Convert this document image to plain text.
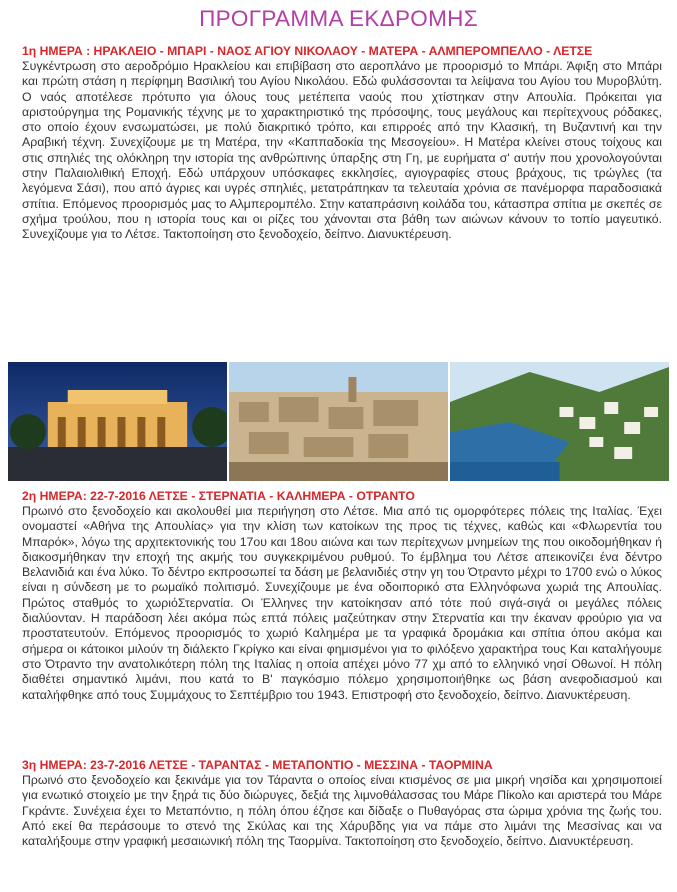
ΠΡΟΓΡΑΜΜΑ ΕΚΔΡΟΜΗΣ
1η ΗΜΕΡΑ : ΗΡΑΚΛΕΙΟ - ΜΠΑΡΙ - ΝΑΟΣ ΑΓΙΟΥ ΝΙΚΟΛΑΟΥ - ΜΑΤΕΡΑ - ΑΛΜΠΕΡΟΜΠΕΛΛΟ - ΛΕΤΣΕ

Συγκέντρωση στο αεροδρόμιο Ηρακλείου και επιβίβαση στο αεροπλάνο με προορισμό το Μπάρι. Άφιξη στο Μπάρι και πρώτη στάση η περίφημη Βασιλική του Αγίου Νικολάου. Εδώ φυλάσσονται τα λείψανα του Αγίου του Μυροβλύτη. Ο ναός αποτέλεσε πρότυπο για όλους τους μετέπειτα ναούς που χτίστηκαν στην Απουλία. Πρόκειται για αριστούργημα της Ρομανικής τέχνης με το χαρακτηριστικό της πρόσοψης, τους μεγάλους και περίτεχνους ρόδακες, στο οποίο έχουν ενσωματώσει, με πολύ διακριτικό τρόπο, και επιρροές από την Κλασική, τη Βυζαντινή και την Αραβική τέχνη. Συνεχίζουμε με τη Ματέρα, την «Καππαδοκία της Μεσογείου». Η Ματέρα κλείνει στους τοίχους και στις σπηλιές της ολόκληρη την ιστορία της ανθρώπινης ύπαρξης στη Γη, με ευρήματα σ' αυτήν που χρονολογούνται στην Παλαιολιθική Εποχή. Εδώ υπάρχουν υπόσκαφες εκκλησίες, αγιογραφίες στους βράχους, τις τρώγλες (τα λεγόμενα Σάσι), που από άγριες και υγρές σπηλιές, μετατράπηκαν τα τελευταία χρόνια σε πανέμορφα παραδοσιακά σπίτια. Επόμενος προορισμός μας το Αλμπερομπέλο. Στην καταπράσινη κοιλάδα του, κάτασπρα σπίτια με σκεπές σε σχήμα τρούλου, που η ιστορία τους και οι ρίζες του χάνονται στα βάθη των αιώνων κάνουν το τοπίο μαγευτικό. Συνεχίζουμε για το Λέτσε. Τακτοποίηση στο ξενοδοχείο, δείπνο. Διανυκτέρευση.

2η ΗΜΕΡΑ: 22-7-2016 ΛΕΤΣΕ - ΣΤΕΡΝΑΤΙΑ - ΚΑΛΗΜΕΡΑ - ΟΤΡΑΝΤΟ

Πρωινό στο ξενοδοχείο και ακολουθεί μια περιήγηση στο Λέτσε. Μια από τις ομορφότερες πόλεις της Ιταλίας. Έχει ονομαστεί «Αθήνα της Απουλίας» για την κλίση των κατοίκων της προς τις τέχνες, καθώς και «Φλωρεντία του Μπαρόκ», λόγω της αρχιτεκτονικής του 17ου και 18ου αιώνα και των περίτεχνων μνημείων της που οικοδομήθηκαν ή διακοσμήθηκαν την εποχή της ακμής του συγκεκριμένου ρυθμού. Το έμβλημα του Λέτσε απεικονίζει ένα δέντρο Βελανιδιά και ένα λύκο. Το δέντρο εκπροσωπεί τα δάση με βελανιδιές στην γη του Ότραντο μέχρι το 1700 ενώ ο λύκος είναι η σύνδεση με το ρωμαϊκό πολιτισμό. Συνεχίζουμε με ένα οδοιπορικό στα Ελληνόφωνα χωριά της Απουλίας. Πρώτος σταθμός το χωριόΣτερνατία. Οι Έλληνες την κατοίκησαν από τότε πού σιγά-σιγά οι μεγάλες πόλεις διαλύονταν. Η παράδοση λέει ακόμα πώς επτά πόλεις μαζεύτηκαν στην Στερνατία και την έκαναν φρούριο για να προστατευτούν. Επόμενος προορισμός το χωριό Καλημέρα με τα γραφικά δρομάκια και σπίτια όπου ακόμα και σήμερα οι κάτοικοι μιλούν τη διάλεκτο Γκρίγκο και είναι φημισμένοι για το φιλόξενο χαρακτήρα τους Και καταλήγουμε στο Ότραντο την ανατολικότερη πόλη της Ιταλίας η οποία απέχει μόνο 77 χμ από το ελληνικό νησί Οθωνοί. Η πόλη διαθέτει σημαντικό λιμάνι, που κατά το Β' παγκόσμιο πόλεμο χρησιμοποιήθηκε ως βάση ανεφοδιασμού και καταλήφθηκε από τους Συμμάχους το Σεπτέμβριο του 1943. Επιστροφή στο ξενοδοχείο, δείπνο. Διανυκτέρευση.

3η ΗΜΕΡΑ: 23-7-2016 ΛΕΤΣΕ - ΤΑΡΑΝΤΑΣ - ΜΕΤΑΠΟΝΤΙΟ - ΜΕΣΣΙΝΑ - ΤΑΟΡΜΙΝΑ

Πρωινό στο ξενοδοχείο και ξεκινάμε για τον Τάραντα ο οποίος είναι κτισμένος σε μια μικρή νησίδα και χρησιμοποιεί για ενωτικό στοιχείο με την ξηρά τις δύο διώρυγες, δεξιά της λιμνοθάλασσας του Μάρε Πίκολο και αριστερά του Μάρε Γκράντε. Συνέχεια έχει το Μεταπόντιο, η πόλη όπου έζησε και δίδαξε ο Πυθαγόρας στα ώριμα χρόνια της ζωής του. Από εκεί θα περάσουμε το στενό της Σκύλας και της Χάρυβδης για να πάμε στο λιμάνι της Μεσσίνας και να καταλήξουμε στην γραφική μεσαιωνική πόλη της Ταορμίνα. Τακτοποίηση στο ξενοδοχείο, δείπνο. Διανυκτέρευση.
